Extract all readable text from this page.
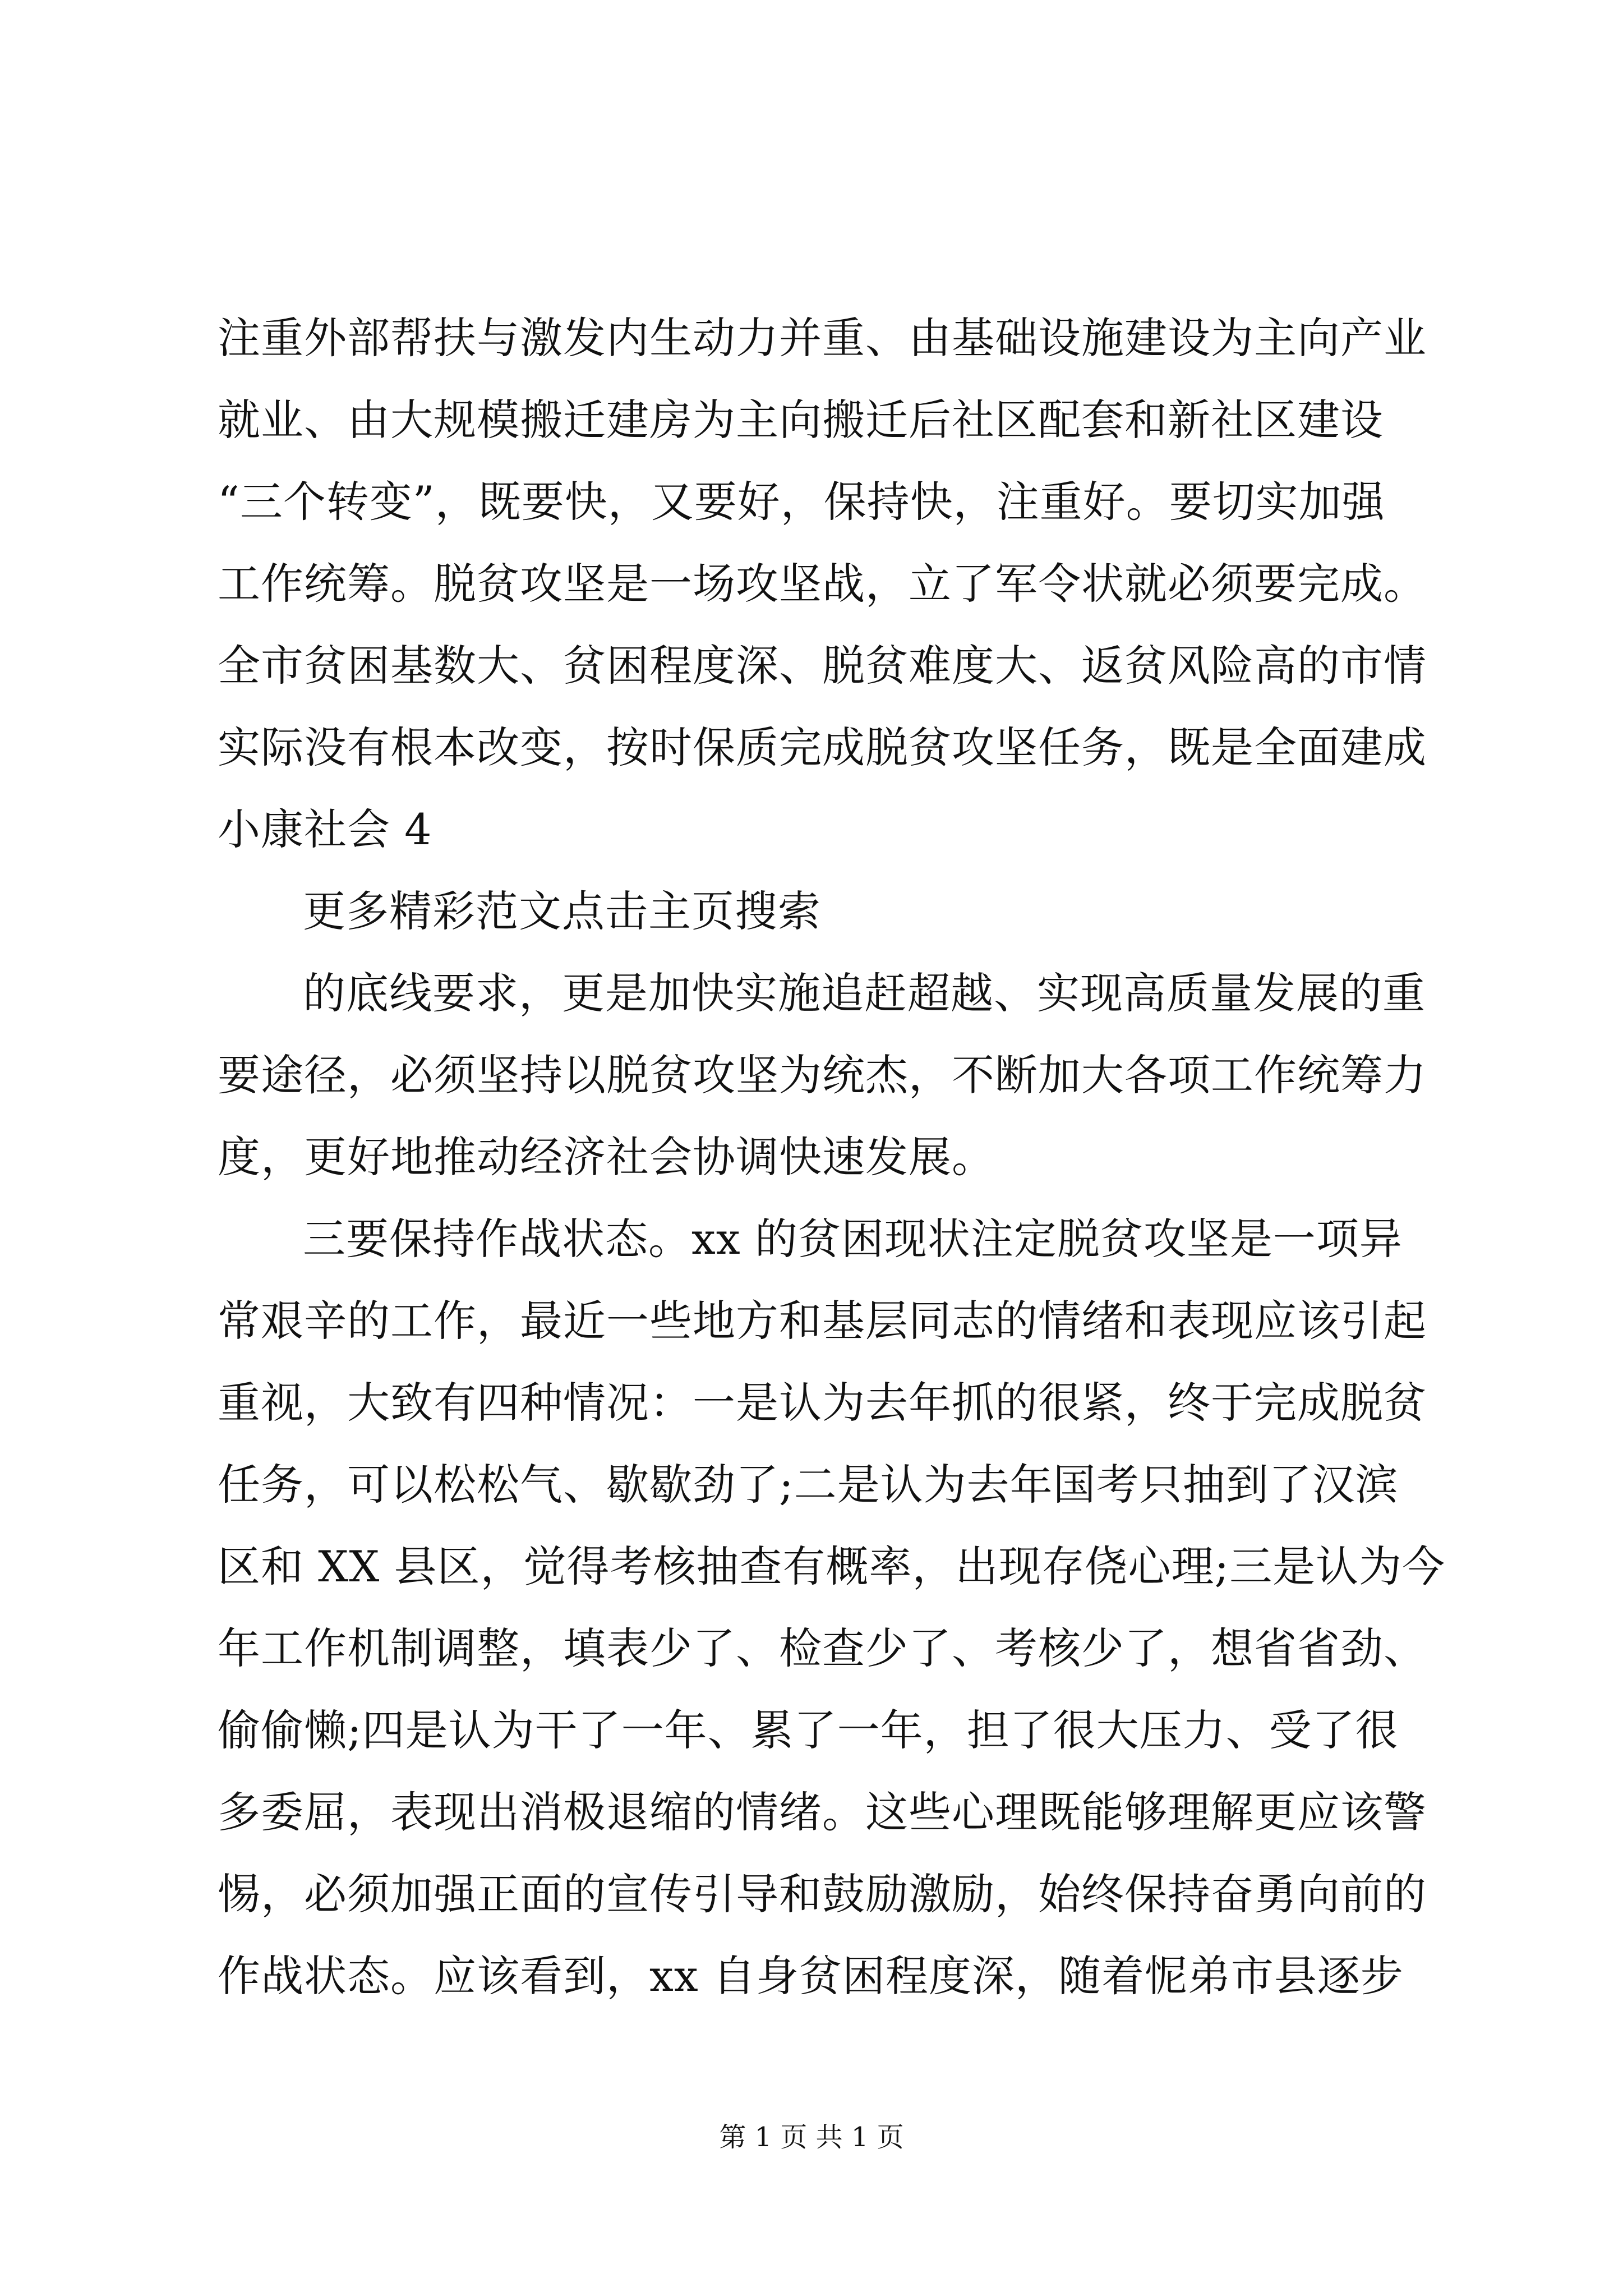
注重外部帮扶与激发内生动力并重、由基础设施建设为主向产业
就业、由大规模搬迁建房为主向搬迁后社区配套和新社区建设
“三个转变”，既要快，又要好，保持快，注重好。要切实加强
工作统筹。脱贫攻坚是一场攻坚战，立了军令状就必须要完成。
全市贫困基数大、贫困程度深、脱贫难度大、返贫风险高的市情
实际没有根本改变，按时保质完成脱贫攻坚任务，既是全面建成
小康社会 4
更多精彩范文点击主页搜索
的底线要求，更是加快实施追赶超越、实现高质量发展的重
要途径，必须坚持以脱贫攻坚为统杰，不断加大各项工作统筹力
度，更好地推动经济社会协调快速发展。
三要保持作战状态。xx 的贫困现状注定脱贫攻坚是一项异
常艰辛的工作，最近一些地方和基层同志的情绪和表现应该引起
重视，大致有四种情况：一是认为去年抓的很紧，终于完成脱贫
任务，可以松松气、歇歇劲了;二是认为去年国考只抽到了汉滨
区和 XX 县区，觉得考核抽查有概率，出现存侥心理;三是认为今
年工作机制调整，填表少了、检查少了、考核少了，想省省劲、
偷偷懒;四是认为干了一年、累了一年，担了很大压力、受了很
多委屈，表现出消极退缩的情绪。这些心理既能够理解更应该警
惕，必须加强正面的宣传引导和鼓励激励，始终保持奋勇向前的
作战状态。应该看到，xx 自身贫困程度深，随着怩弟市县逐步
第 1 页 共 1 页
